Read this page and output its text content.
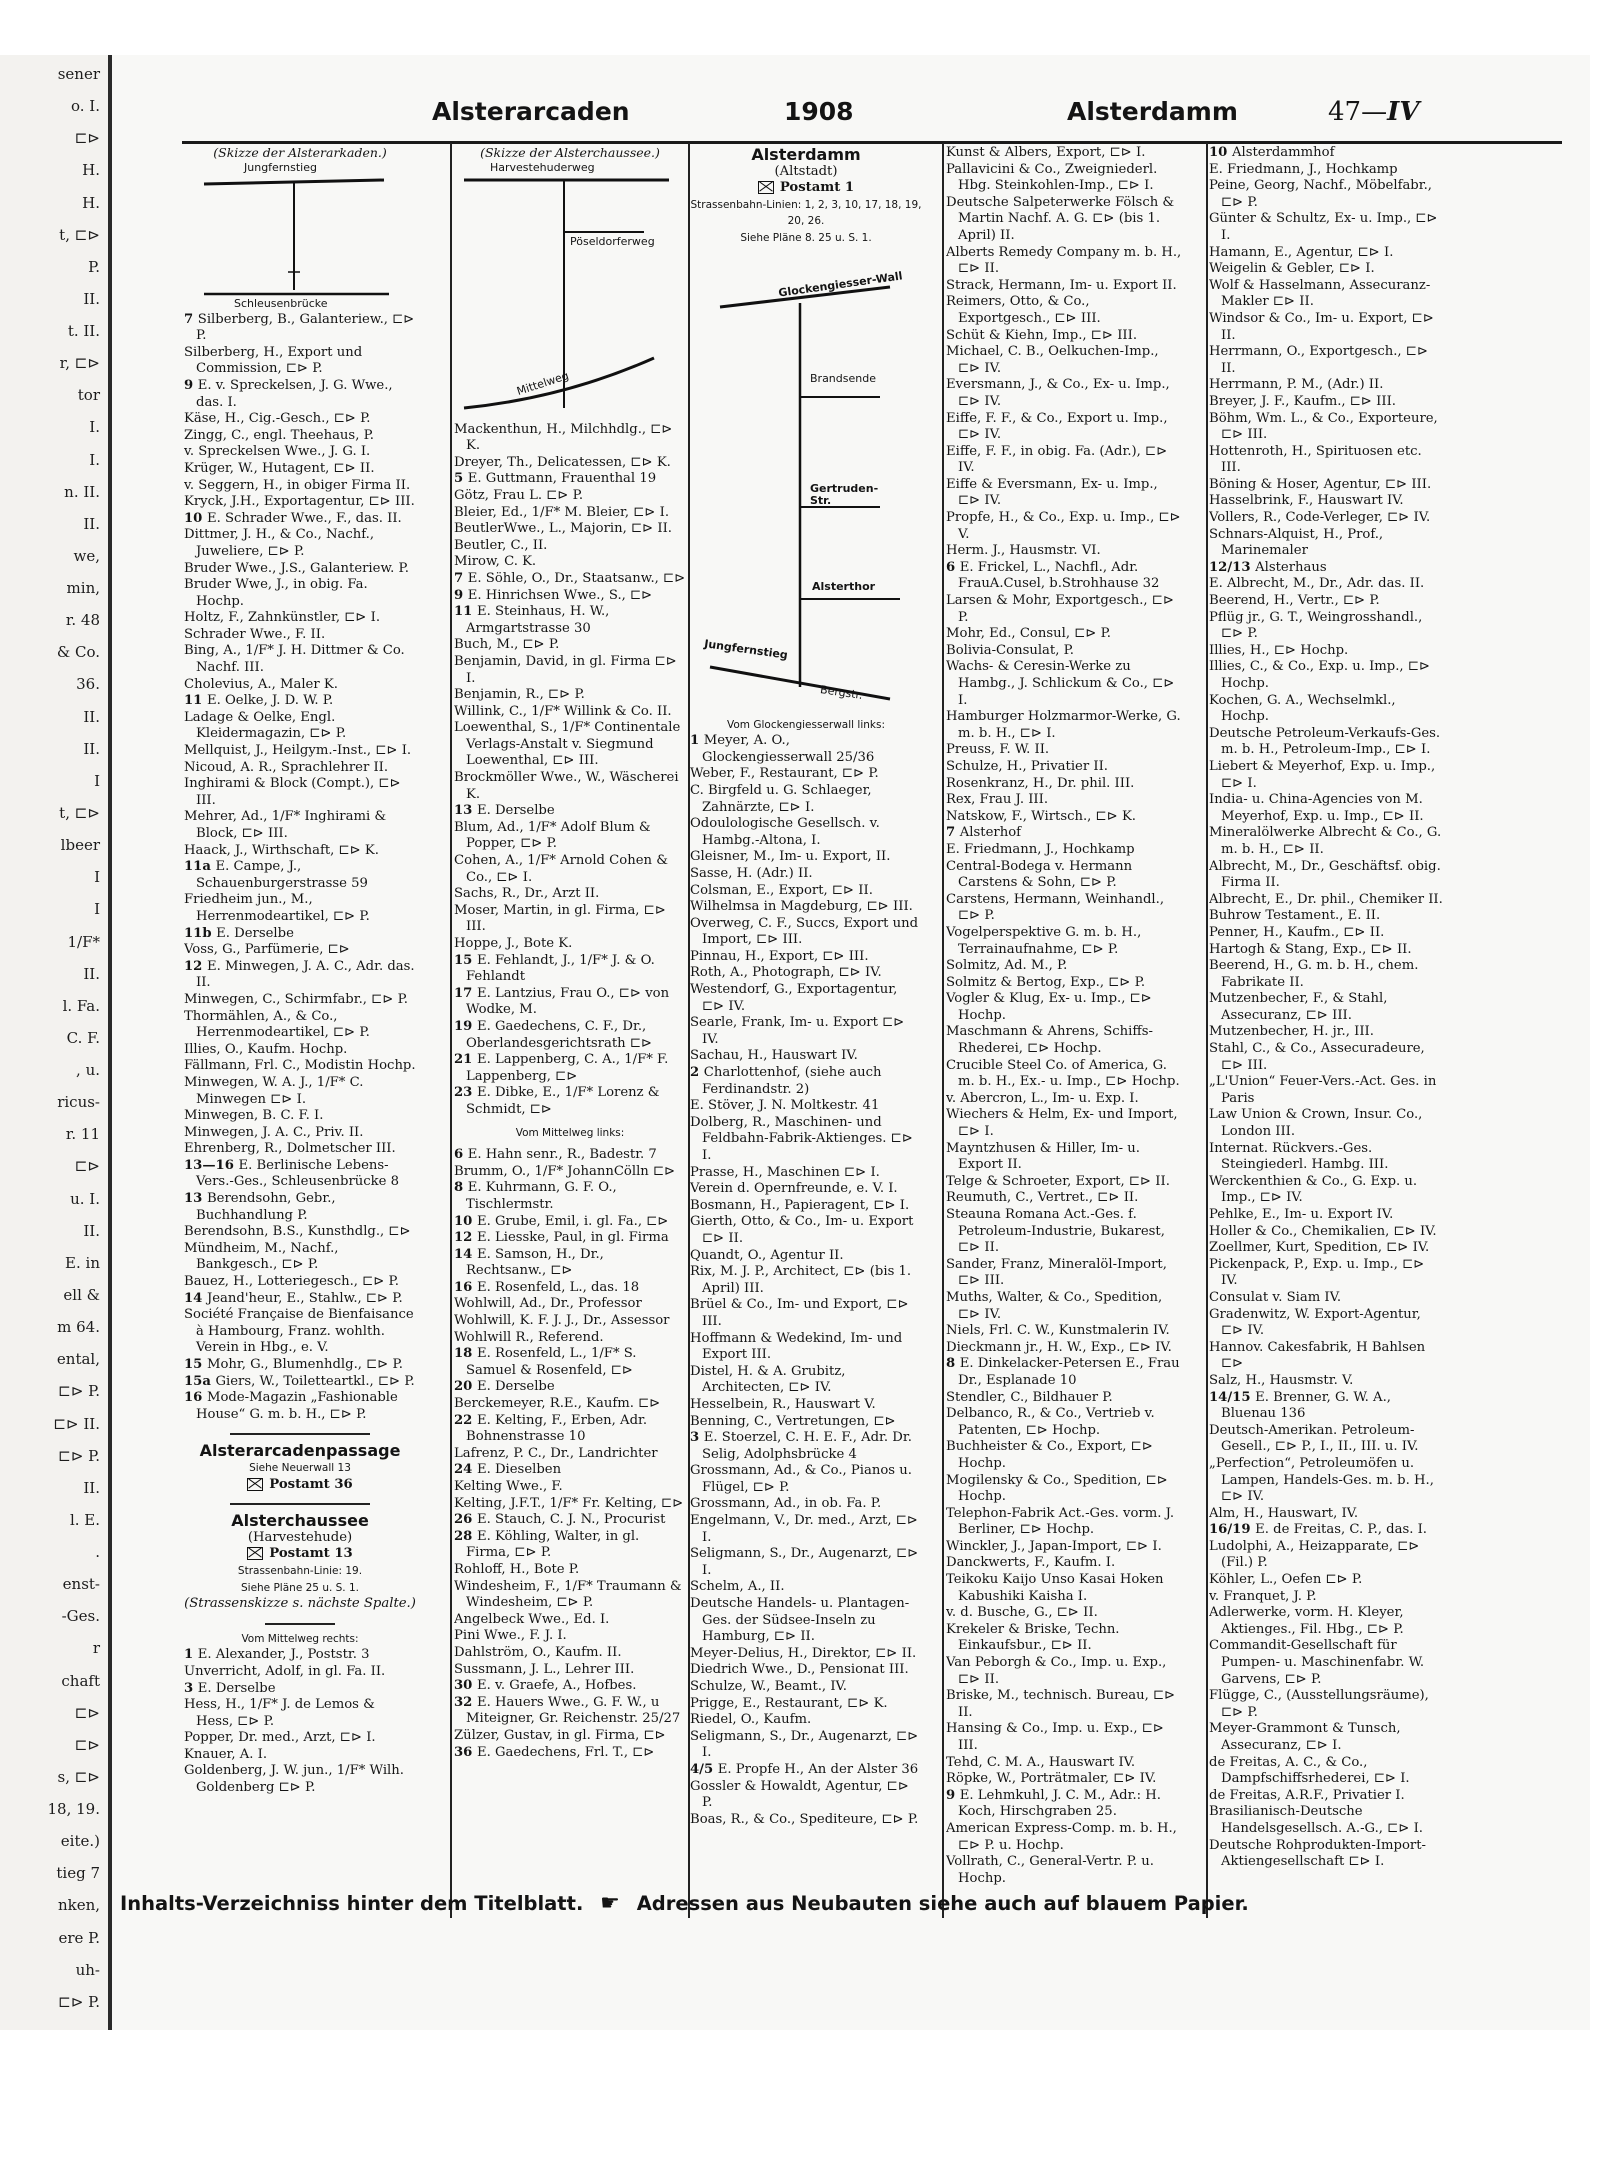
sener
o. I.
⊏⊳
H.
H.
t, ⊏⊳
P.
II.
t. II.
r, ⊏⊳
tor
I.
I.
n. II.
II.
we,
min,
r. 48
& Co.
36.
II.
II.
I
t, ⊏⊳
lbeer
I
I
1/F*
II.
l. Fa.
C. F.
, u.
ricus-
r. 11
⊏⊳
u. I.
II.
E. in
ell &
m 64.
ental,
⊏⊳ P.
⊏⊳ II.
⊏⊳ P.
II.
l. E.
.
enst-
-Ges.
r
chaft
⊏⊳
⊏⊳
s, ⊏⊳
18, 19.
eite.)
tieg 7
nken,
ere P.
uh-
⊏⊳ P.
Alsterarcaden	1908	Alsterdamm	47—IV
(Skizze der Alsterarkaden.)
Jungfernstieg
Schleusenbrücke
7 Silberberg, B., Galanteriew., ⊏⊳ P.
Silberberg, H., Export und Commission, ⊏⊳ P.
9 E. v. Spreckelsen, J. G. Wwe., das. I.
Käse, H., Cig.-Gesch., ⊏⊳ P.
Zingg, C., engl. Theehaus, P.
v. Spreckelsen Wwe., J. G. I.
Krüger, W., Hutagent, ⊏⊳ II.
v. Seggern, H., in obiger Firma II.
Kryck, J.H., Exportagentur, ⊏⊳ III.
10 E. Schrader Wwe., F., das. II.
Dittmer, J. H., & Co., Nachf., Juweliere, ⊏⊳ P.
Bruder Wwe., J.S., Galanteriew. P.
Bruder Wwe, J., in obig. Fa. Hochp.
Holtz, F., Zahnkünstler, ⊏⊳ I.
Schrader Wwe., F. II.
Bing, A., 1/F* J. H. Dittmer & Co. Nachf. III.
Cholevius, A., Maler K.
11 E. Oelke, J. D. W. P.
Ladage & Oelke, Engl. Kleidermagazin, ⊏⊳ P.
Mellquist, J., Heilgym.-Inst., ⊏⊳ I.
Nicoud, A. R., Sprachlehrer II.
Inghirami & Block (Compt.), ⊏⊳ III.
Mehrer, Ad., 1/F* Inghirami & Block, ⊏⊳ III.
Haack, J., Wirthschaft, ⊏⊳ K.
11a E. Campe, J., Schauenburgerstrasse 59
Friedheim jun., M., Herrenmodeartikel, ⊏⊳ P.
11b E. Derselbe
Voss, G., Parfümerie, ⊏⊳
12 E. Minwegen, J. A. C., Adr. das. II.
Minwegen, C., Schirmfabr., ⊏⊳ P.
Thormählen, A., & Co., Herrenmodeartikel, ⊏⊳ P.
Illies, O., Kaufm. Hochp.
Fällmann, Frl. C., Modistin Hochp.
Minwegen, W. A. J., 1/F* C. Minwegen ⊏⊳ I.
Minwegen, B. C. F. I.
Minwegen, J. A. C., Priv. II.
Ehrenberg, R., Dolmetscher III.
13—16 E. Berlinische Lebens-Vers.-Ges., Schleusenbrücke 8
13 Berendsohn, Gebr., Buchhandlung P.
Berendsohn, B.S., Kunsthdlg., ⊏⊳
Mündheim, M., Nachf., Bankgesch., ⊏⊳ P.
Bauez, H., Lotteriegesch., ⊏⊳ P.
14 Jeand'heur, E., Stahlw., ⊏⊳ P.
Société Française de Bienfaisance à Hambourg, Franz. wohlth. Verein in Hbg., e. V.
15 Mohr, G., Blumenhdlg., ⊏⊳ P.
15a Giers, W., Toilettеartkl., ⊏⊳ P.
16 Mode-Magazin „Fashionable House“ G. m. b. H., ⊏⊳ P.
Alsterarcadenpassage
Siehe Neuerwall 13
Postamt 36
Alsterchaussee
(Harvestehude)
Postamt 13
Strassenbahn-Linie: 19.
Siehe Pläne 25 u. S. 1.
(Strassenskizze s. nächste Spalte.)
Vom Mittelweg rechts:
1 E. Alexander, J., Poststr. 3
Unverricht, Adolf, in gl. Fa. II.
3 E. Derselbe
Hess, H., 1/F* J. de Lemos & Hess, ⊏⊳ P.
Popper, Dr. med., Arzt, ⊏⊳ I.
Knauer, A. I.
Goldenberg, J. W. jun., 1/F* Wilh. Goldenberg ⊏⊳ P.
(Skizze der Alsterchaussee.)
Harvestehuderweg
Pöseldorferweg
Mittelweg
Mackenthun, H., Milchhdlg., ⊏⊳ K.
Dreyer, Th., Delicatessen, ⊏⊳ K.
5 E. Guttmann, Frauenthal 19
Götz, Frau L. ⊏⊳ P.
Bleier, Ed., 1/F* M. Bleier, ⊏⊳ I.
BeutlerWwe., L., Majorin, ⊏⊳ II.
Beutler, C., II.
Mirow, C. K.
7 E. Söhle, O., Dr., Staatsanw., ⊏⊳
9 E. Hinrichsen Wwe., S., ⊏⊳
11 E. Steinhaus, H. W., Armgartstrasse 30
Buch, M., ⊏⊳ P.
Benjamin, David, in gl. Firma ⊏⊳ I.
Benjamin, R., ⊏⊳ P.
Willink, C., 1/F* Willink & Co. II.
Loewenthal, S., 1/F* Continentale Verlags-Anstalt v. Siegmund Loewenthal, ⊏⊳ III.
Brockmöller Wwe., W., Wäscherei K.
13 E. Derselbe
Blum, Ad., 1/F* Adolf Blum & Popper, ⊏⊳ P.
Cohen, A., 1/F* Arnold Cohen & Co., ⊏⊳ I.
Sachs, R., Dr., Arzt II.
Moser, Martin, in gl. Firma, ⊏⊳ III.
Hoppe, J., Bote K.
15 E. Fehlandt, J., 1/F* J. & O. Fehlandt
17 E. Lantzius, Frau O., ⊏⊳ von Wodke, M.
19 E. Gaedechens, C. F., Dr., Oberlandesgerichtsrath ⊏⊳
21 E. Lappenberg, C. A., 1/F* F. Lappenberg, ⊏⊳
23 E. Dibke, E., 1/F* Lorenz & Schmidt, ⊏⊳
Vom Mittelweg links:
6 E. Hahn senr., R., Badestr. 7
Brumm, O., 1/F* JohannCölln ⊏⊳
8 E. Kuhrmann, G. F. O., Tischlermstr.
10 E. Grube, Emil, i. gl. Fa., ⊏⊳
12 E. Liesske, Paul, in gl. Firma
14 E. Samson, H., Dr., Rechtsanw., ⊏⊳
16 E. Rosenfeld, L., das. 18
Wohlwill, Ad., Dr., Professor
Wohlwill, K. F. J. J., Dr., Assessor
Wohlwill R., Referend.
18 E. Rosenfeld, L., 1/F* S. Samuel & Rosenfeld, ⊏⊳
20 E. Derselbe
Berckemeyer, R.E., Kaufm. ⊏⊳
22 E. Kelting, F., Erben, Adr. Bohnenstrasse 10
Lafrenz, P. C., Dr., Landrichter
24 E. Dieselben
Kelting Wwe., F.
Kelting, J.F.T., 1/F* Fr. Kelting, ⊏⊳
26 E. Stauch, C. J. N., Procurist
28 E. Köhling, Walter, in gl. Firma, ⊏⊳ P.
Rohloff, H., Bote P.
Windesheim, F., 1/F* Traumann & Windesheim, ⊏⊳ P.
Angelbeck Wwe., Ed. I.
Pini Wwe., F. J. I.
Dahlström, O., Kaufm. II.
Sussmann, J. L., Lehrer III.
30 E. v. Graefe, A., Hofbes.
32 E. Hauers Wwe., G. F. W., u Miteigner, Gr. Reichenstr. 25/27
Zülzer, Gustav, in gl. Firma, ⊏⊳
36 E. Gaedechens, Frl. T., ⊏⊳
Alsterdamm
(Altstadt)
Postamt 1
Strassenbahn-Linien: 1, 2, 3, 10, 17, 18, 19, 20, 26.
Siehe Pläne 8. 25 u. S. 1.
Glockengiesser-Wall
Brandsende
Gertruden-Str.
Alsterthor
Jungfernstieg
Bergstr.
Vom Glockengiesserwall links:
1 Meyer, A. O., Glockengiesserwall 25/36
Weber, F., Restaurant, ⊏⊳ P.
C. Birgfeld u. G. Schlaeger, Zahnärzte, ⊏⊳ I.
Odoulologische Gesellsch. v. Hambg.-Altona, I.
Gleisner, M., Im- u. Export, II.
Sasse, H. (Adr.) II.
Colsman, E., Export, ⊏⊳ II.
Wilhelmsa in Magdeburg, ⊏⊳ III.
Overweg, C. F., Succs, Export und Import, ⊏⊳ III.
Pinnau, H., Export, ⊏⊳ III.
Roth, A., Photograph, ⊏⊳ IV.
Westendorf, G., Exportagentur, ⊏⊳ IV.
Searle, Frank, Im- u. Export ⊏⊳ IV.
Sachau, H., Hauswart IV.
2 Charlottenhof, (siehe auch Ferdinandstr. 2)
E. Stöver, J. N. Moltkestr. 41
Dolberg, R., Maschinen- und Feldbahn-Fabrik-Aktienges. ⊏⊳ I.
Prasse, H., Maschinen ⊏⊳ I.
Verein d. Opernfreunde, e. V. I.
Bosmann, H., Papieragent, ⊏⊳ I.
Gierth, Otto, & Co., Im- u. Export ⊏⊳ II.
Quandt, O., Agentur II.
Rix, M. J. P., Architect, ⊏⊳ (bis 1. April) III.
Brüel & Co., Im- und Export, ⊏⊳ III.
Hoffmann & Wedekind, Im- und Export III.
Distel, H. & A. Grubitz, Architecten, ⊏⊳ IV.
Hesselbein, R., Hauswart V.
Benning, C., Vertretungen, ⊏⊳
3 E. Stoerzel, C. H. E. F., Adr. Dr. Selig, Adolphsbrücke 4
Grossmann, Ad., & Co., Pianos u. Flügel, ⊏⊳ P.
Grossmann, Ad., in ob. Fa. P.
Engelmann, V., Dr. med., Arzt, ⊏⊳ I.
Seligmann, S., Dr., Augenarzt, ⊏⊳ I.
Schelm, A., II.
Deutsche Handels- u. Plantagen-Ges. der Südsee-Inseln zu Hamburg, ⊏⊳ II.
Meyer-Delius, H., Direktor, ⊏⊳ II.
Diedrich Wwe., D., Pensionat III.
Schulze, W., Beamt., IV.
Prigge, E., Restaurant, ⊏⊳ K.
Riedel, O., Kaufm.
Seligmann, S., Dr., Augenarzt, ⊏⊳ I.
4/5 E. Propfe H., An der Alster 36
Gossler & Howaldt, Agentur, ⊏⊳ P.
Boas, R., & Co., Spediteure, ⊏⊳ P.
Kunst & Albers, Export, ⊏⊳ I.
Pallavicini & Co., Zweigniederl. Hbg. Steinkohlen-Imp., ⊏⊳ I.
Deutsche Salpeterwerke Fölsch & Martin Nachf. A. G. ⊏⊳ (bis 1. April) II.
Alberts Remedy Company m. b. H., ⊏⊳ II.
Strack, Hermann, Im- u. Export II.
Reimers, Otto, & Co., Exportgesch., ⊏⊳ III.
Schüt & Kiehn, Imp., ⊏⊳ III.
Michael, C. B., Oelkuchen-Imp., ⊏⊳ IV.
Eversmann, J., & Co., Ex- u. Imp., ⊏⊳ IV.
Eiffe, F. F., & Co., Export u. Imp., ⊏⊳ IV.
Eiffe, F. F., in obig. Fa. (Adr.), ⊏⊳ IV.
Eiffe & Eversmann, Ex- u. Imp., ⊏⊳ IV.
Propfe, H., & Co., Exp. u. Imp., ⊏⊳ V.
Herm. J., Hausmstr. VI.
6 E. Frickel, L., Nachfl., Adr. FrauA.Cusel, b.Strohhause 32
Larsen & Mohr, Exportgesch., ⊏⊳ P.
Mohr, Ed., Consul, ⊏⊳ P.
Bolivia-Consulat, P.
Wachs- & Ceresin-Werke zu Hambg., J. Schlickum & Co., ⊏⊳ I.
Hamburger Holzmarmor-Werke, G. m. b. H., ⊏⊳ I.
Preuss, F. W. II.
Schulze, H., Privatier II.
Rosenkranz, H., Dr. phil. III.
Rex, Frau J. III.
Natskow, F., Wirtsch., ⊏⊳ K.
7 Alsterhof
E. Friedmann, J., Hochkamp
Central-Bodega v. Hermann Carstens & Sohn, ⊏⊳ P.
Carstens, Hermann, Weinhandl., ⊏⊳ P.
Vogelperspektive G. m. b. H., Terrainaufnahme, ⊏⊳ P.
Solmitz, Ad. M., P.
Solmitz & Bertog, Exp., ⊏⊳ P.
Vogler & Klug, Ex- u. Imp., ⊏⊳ Hochp.
Maschmann & Ahrens, Schiffs-Rhederei, ⊏⊳ Hochp.
Crucible Steel Co. of America, G. m. b. H., Ex.- u. Imp., ⊏⊳ Hochp.
v. Abercron, L., Im- u. Exp. I.
Wiechers & Helm, Ex- und Import, ⊏⊳ I.
Mayntzhusen & Hiller, Im- u. Export II.
Telge & Schroeter, Export, ⊏⊳ II.
Reumuth, C., Vertret., ⊏⊳ II.
Steauna Romana Act.-Ges. f. Petroleum-Industrie, Bukarest, ⊏⊳ II.
Sander, Franz, Mineralöl-Import, ⊏⊳ III.
Muths, Walter, & Co., Spedition, ⊏⊳ IV.
Niels, Frl. C. W., Kunstmalerin IV.
Dieckmann jr., H. W., Exp., ⊏⊳ IV.
8 E. Dinkelacker-Petersen E., Frau Dr., Esplanade 10
Stendler, C., Bildhauer P.
Delbanco, R., & Co., Vertrieb v. Patenten, ⊏⊳ Hochp.
Buchheister & Co., Export, ⊏⊳ Hochp.
Mogilensky & Co., Spedition, ⊏⊳ Hochp.
Telephon-Fabrik Act.-Ges. vorm. J. Berliner, ⊏⊳ Hochp.
Winckler, J., Japan-Import, ⊏⊳ I.
Danckwerts, F., Kaufm. I.
Teikoku Kaijo Unso Kasai Hoken Kabushiki Kaisha I.
v. d. Busche, G., ⊏⊳ II.
Krekeler & Briske, Techn. Einkaufsbur., ⊏⊳ II.
Van Peborgh & Co., Imp. u. Exp., ⊏⊳ II.
Briske, M., technisch. Bureau, ⊏⊳ II.
Hansing & Co., Imp. u. Exp., ⊏⊳ III.
Tehd, C. M. A., Hauswart IV.
Röpke, W., Porträtmaler, ⊏⊳ IV.
9 E. Lehmkuhl, J. C. M., Adr.: H. Koch, Hirschgraben 25.
American Express-Comp. m. b. H., ⊏⊳ P. u. Hochp.
Vollrath, C., General-Vertr. P. u. Hochp.
10 Alsterdammhof
E. Friedmann, J., Hochkamp
Peine, Georg, Nachf., Möbelfabr., ⊏⊳ P.
Günter & Schultz, Ex- u. Imp., ⊏⊳ I.
Hamann, E., Agentur, ⊏⊳ I.
Weigelin & Gebler, ⊏⊳ I.
Wolf & Hasselmann, Assecuranz-Makler ⊏⊳ II.
Windsor & Co., Im- u. Export, ⊏⊳ II.
Herrmann, O., Exportgesch., ⊏⊳ II.
Herrmann, P. M., (Adr.) II.
Breyer, J. F., Kaufm., ⊏⊳ III.
Böhm, Wm. L., & Co., Exporteure, ⊏⊳ III.
Hottenroth, H., Spirituosen etc. III.
Böning & Hoser, Agentur, ⊏⊳ III.
Hasselbrink, F., Hauswart IV.
Vollers, R., Code-Verleger, ⊏⊳ IV.
Schnars-Alquist, H., Prof., Marinemaler
12/13 Alsterhaus
E. Albrecht, M., Dr., Adr. das. II.
Beerend, H., Vertr., ⊏⊳ P.
Pflüg jr., G. T., Weingrosshandl., ⊏⊳ P.
Illies, H., ⊏⊳ Hochp.
Illies, C., & Co., Exp. u. Imp., ⊏⊳ Hochp.
Kochen, G. A., Wechselmkl., Hochp.
Deutsche Petroleum-Verkaufs-Ges. m. b. H., Petroleum-Imp., ⊏⊳ I.
Liebert & Meyerhof, Exp. u. Imp., ⊏⊳ I.
India- u. China-Agencies von M. Meyerhof, Exp. u. Imp., ⊏⊳ II.
Mineralölwerke Albrecht & Co., G. m. b. H., ⊏⊳ II.
Albrecht, M., Dr., Geschäftsf. obig. Firma II.
Albrecht, E., Dr. phil., Chemiker II.
Buhrow Testament., E. II.
Penner, H., Kaufm., ⊏⊳ II.
Hartogh & Stang, Exp., ⊏⊳ II.
Beerend, H., G. m. b. H., chem. Fabrikate II.
Mutzenbecher, F., & Stahl, Assecuranz, ⊏⊳ III.
Mutzenbecher, H. jr., III.
Stahl, C., & Co., Assecuradeure, ⊏⊳ III.
„L'Union“ Feuer-Vers.-Act. Ges. in Paris
Law Union & Crown, Insur. Co., London III.
Internat. Rückvers.-Ges. Steingiederl. Hambg. III.
Werckenthien & Co., G. Exp. u. Imp., ⊏⊳ IV.
Pehlke, E., Im- u. Export IV.
Holler & Co., Chemikalien, ⊏⊳ IV.
Zoellmer, Kurt, Spedition, ⊏⊳ IV.
Pickenpack, P., Exp. u. Imp., ⊏⊳ IV.
Consulat v. Siam IV.
Gradenwitz, W. Export-Agentur, ⊏⊳ IV.
Hannov. Cakesfabrik, H Bahlsen ⊏⊳
Salz, H., Hausmstr. V.
14/15 E. Brenner, G. W. A., Bluenau 136
Deutsch-Amerikan. Petroleum-Gesell., ⊏⊳ P., I., II., III. u. IV.
„Perfection“, Petroleumöfen u. Lampen, Handels-Ges. m. b. H., ⊏⊳ IV.
Alm, H., Hauswart, IV.
16/19 E. de Freitas, C. P., das. I.
Ludolphi, A., Heizapparate, ⊏⊳ (Fil.) P.
Köhler, L., Oefen ⊏⊳ P.
v. Franquet, J. P.
Adlerwerke, vorm. H. Kleyer, Aktienges., Fil. Hbg., ⊏⊳ P.
Commandit-Gesellschaft für Pumpen- u. Maschinenfabr. W. Garvens, ⊏⊳ P.
Flügge, C., (Ausstellungsräume), ⊏⊳ P.
Meyer-Grammont & Tunsch, Assecuranz, ⊏⊳ I.
de Freitas, A. C., & Co., Dampfschiffsrhederei, ⊏⊳ I.
de Freitas, A.R.F., Privatier I.
Brasilianisch-Deutsche Handelsgesellsch. A.-G., ⊏⊳ I.
Deutsche Rohprodukten-Import-Aktiengesellschaft ⊏⊳ I.
Inhalts-Verzeichniss hinter dem Titelblatt. ☛ Adressen aus Neubauten siehe auch auf blauem Papier.
